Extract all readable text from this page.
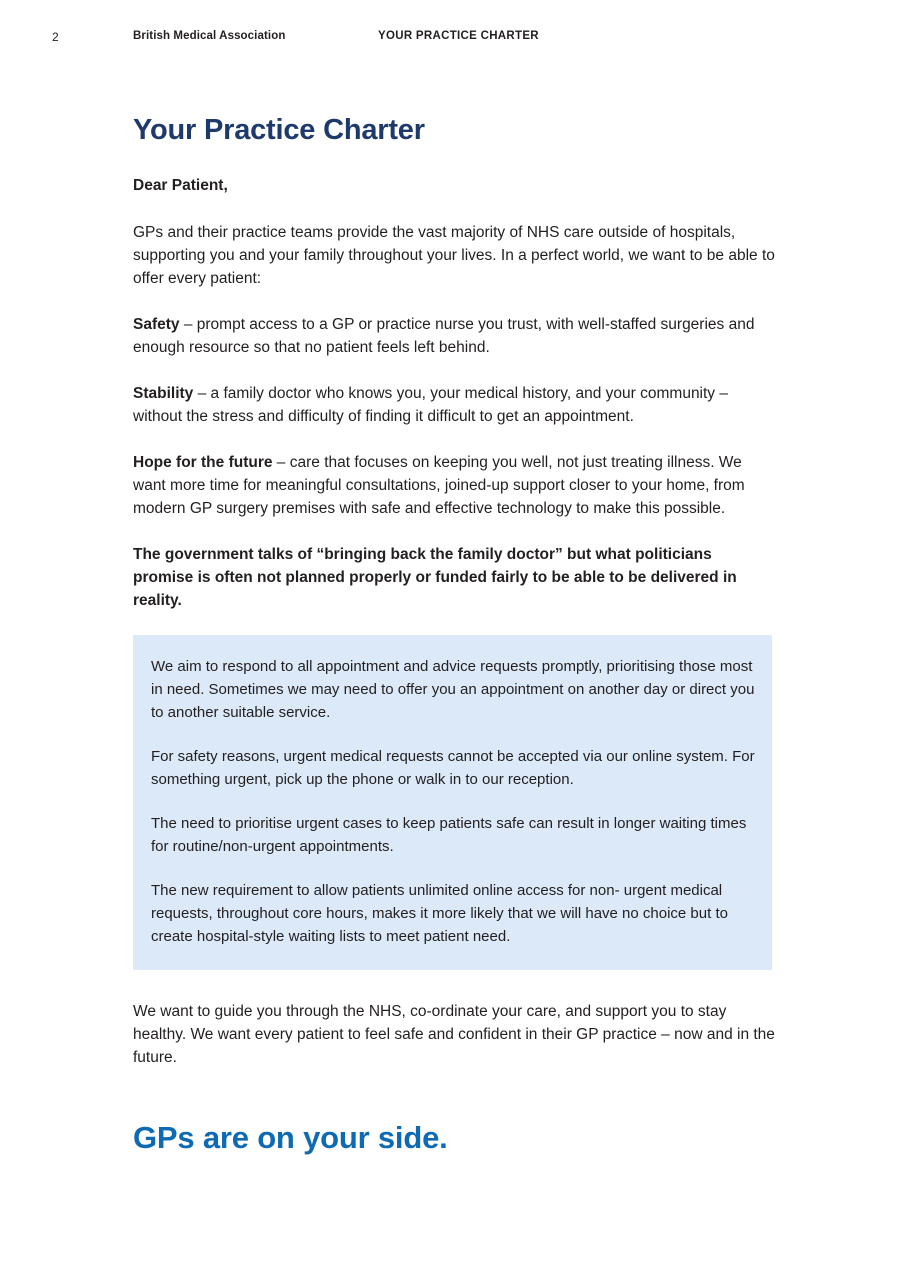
2	British Medical Association	YOUR PRACTICE CHARTER
Your Practice Charter

Dear Patient,

GPs and their practice teams provide the vast majority of NHS care outside of hospitals, supporting you and your family throughout your lives. In a perfect world, we want to be able to offer every patient:

Safety – prompt access to a GP or practice nurse you trust, with well-staffed surgeries and enough resource so that no patient feels left behind.

Stability – a family doctor who knows you, your medical history, and your community – without the stress and difficulty of finding it difficult to get an appointment.

Hope for the future – care that focuses on keeping you well, not just treating illness. We want more time for meaningful consultations, joined-up support closer to your home, from modern GP surgery premises with safe and effective technology to make this possible.

The government talks of “bringing back the family doctor” but what politicians promise is often not planned properly or funded fairly to be able to be delivered in reality.

We aim to respond to all appointment and advice requests promptly, prioritising those most in need. Sometimes we may need to offer you an appointment on another day or direct you to another suitable service.

For safety reasons, urgent medical requests cannot be accepted via our online system. For something urgent, pick up the phone or walk in to our reception.

The need to prioritise urgent cases to keep patients safe can result in longer waiting times for routine/non-urgent appointments.

The new requirement to allow patients unlimited online access for non- urgent medical requests, throughout core hours, makes it more likely that we will have no choice but to create hospital-style waiting lists to meet patient need.

We want to guide you through the NHS, co-ordinate your care, and support you to stay healthy. We want every patient to feel safe and confident in their GP practice – now and in the future.

GPs are on your side.
